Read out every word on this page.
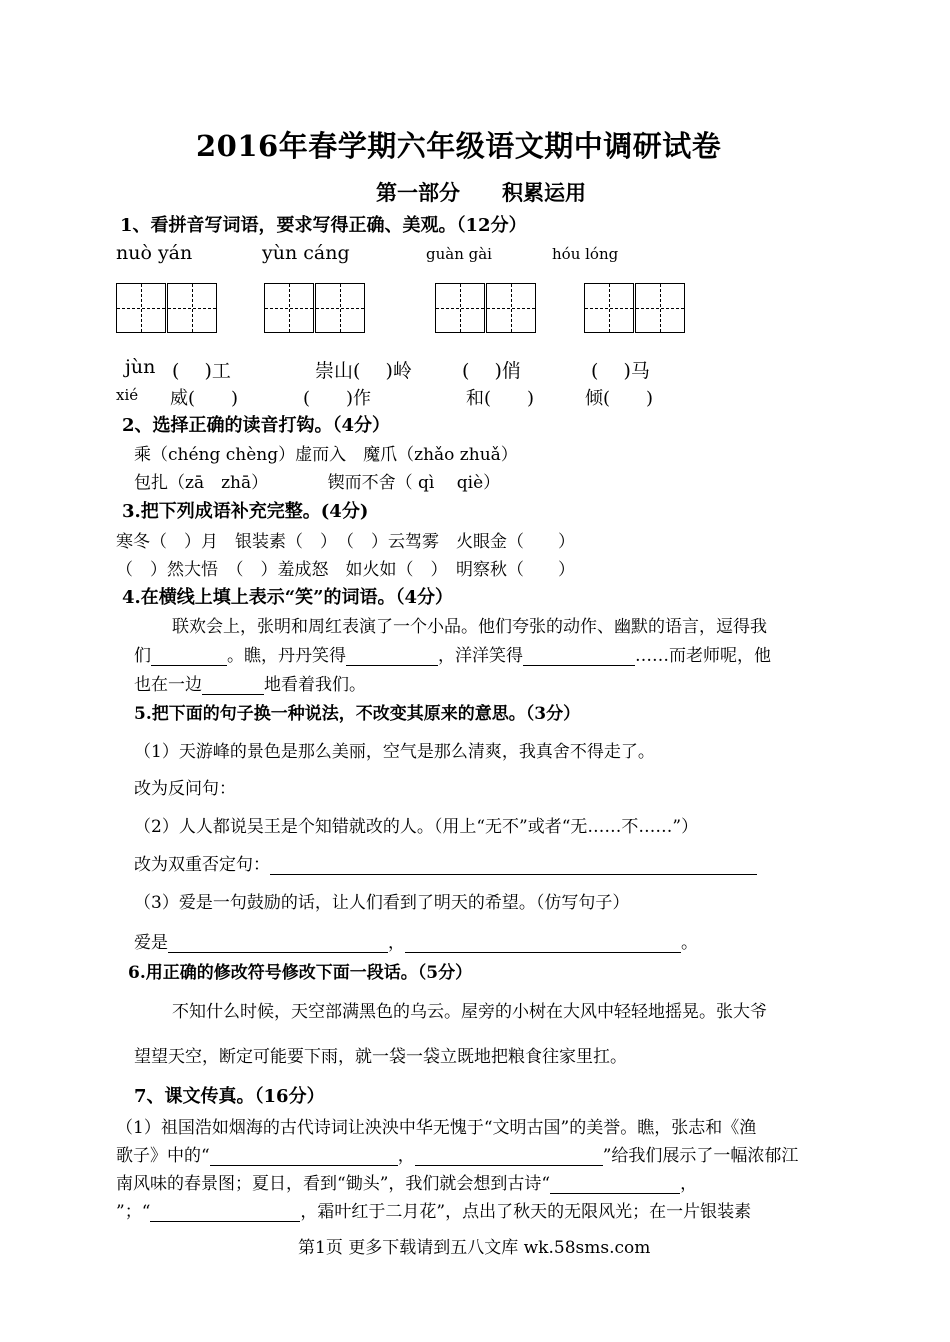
2016年春学期六年级语文期中调研试卷
第一部分　　积累运用
1、看拼音写词语，要求写得正确、美观。（12分）
nuò yán	yùn cáng	guàn gài	hóu lóng
jùn (　 )工	崇山(　 )岭	(　 )俏	(　 )马
xié 威(　　)	(　　)作	和(　　)	倾(　　)
2、选择正确的读音打钩。（4分）
乘（chéng chèng）虚而入　魔爪（zhǎo zhuǎ）
包扎（zā　zhā）　　　　锲而不舍（ qì　 qiè）
3.把下列成语补充完整。(4分)
寒冬（　）月　银装素（　）　（　）云驾雾　火眼金（　　）
（　）然大悟　（　）羞成怒　如火如（　）　明察秋（　　）
4.在横线上填上表示“笑”的词语。（4分）
联欢会上，张明和周红表演了一个小品。他们夸张的动作、幽默的语言，逗得我
们	。瞧，丹丹笑得	，洋洋笑得	……而老师呢，他
也在一边	地看着我们。
5.把下面的句子换一种说法，不改变其原来的意思。（3分）
（1）天游峰的景色是那么美丽，空气是那么清爽，我真舍不得走了。
改为反问句：
（2）人人都说吴王是个知错就改的人。（用上“无不”或者“无……不……”）
改为双重否定句：
（3）爱是一句鼓励的话，让人们看到了明天的希望。（仿写句子）
爱是	，	。
6.用正确的修改符号修改下面一段话。（5分）
不知什么时候，天空部满黑色的乌云。屋旁的小树在大风中轻轻地摇晃。张大爷
望望天空，断定可能要下雨，就一袋一袋立既地把粮食往家里扛。
7、课文传真。（16分）
（1）祖国浩如烟海的古代诗词让泱泱中华无愧于“文明古国”的美誉。瞧，张志和《渔
歌子》中的“	，	”给我们展示了一幅浓郁江
南风味的春景图；夏日，看到“锄头”，我们就会想到古诗“	，
”；“	，霜叶红于二月花”，点出了秋天的无限风光；在一片银装素
第1页 更多下载请到五八文库 wk.58sms.com
